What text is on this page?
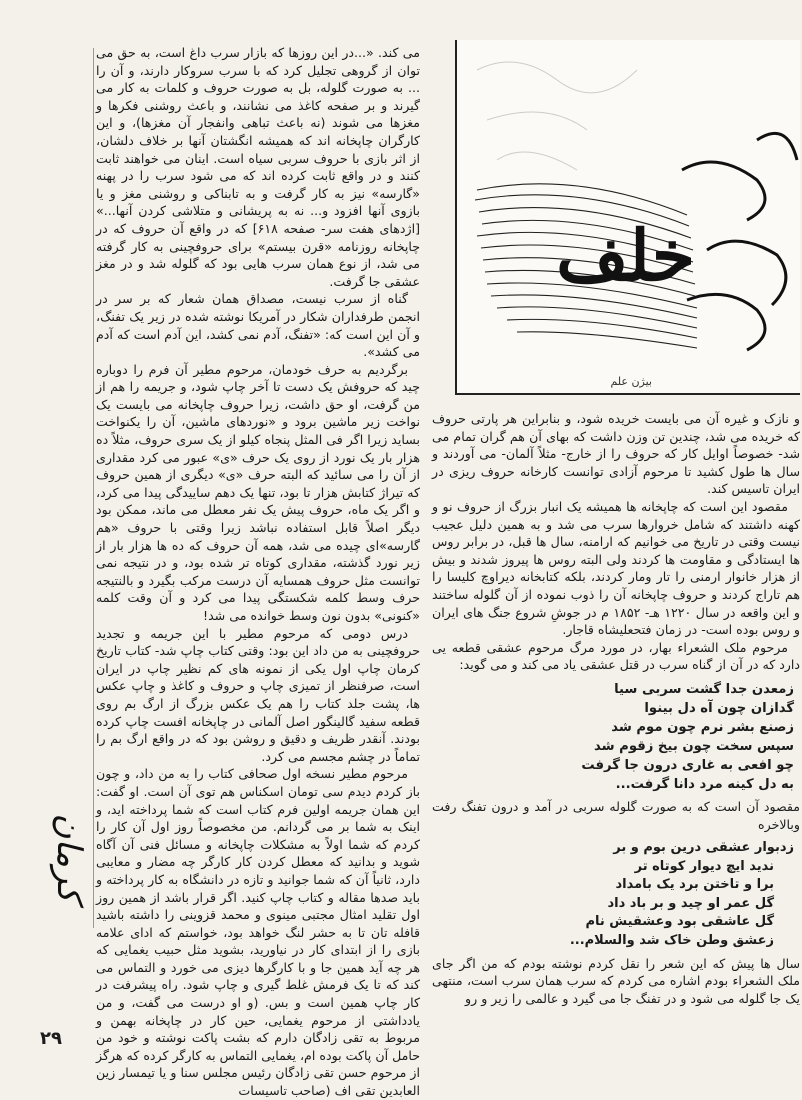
خلف
بیژن علم

می کند. «...در این روزها که بازار سرب داغ است، به حق می توان از گروهی تجلیل کرد که با سرب سروکار دارند، و آن را ... به صورت گلوله، بل به صورت حروف و کلمات به کار می گیرند و بر صفحه کاغذ می نشانند، و باعث روشنی فکرها و مغزها می شوند (نه باعث تباهی وانفجار آن مغزها)، و این کارگران چاپخانه اند که همیشه انگشتان آنها بر خلاف دلشان، از اثر بازی با حروف سربی سیاه است. اینان می خواهند ثابت کنند و در واقع ثابت کرده اند که می شود سرب را در پهنه «گارسه» نیز به کار گرفت و به تابناکی و روشنی مغز و یا بازوی آنها افزود و... نه به پریشانی و متلاشی کردن آنها...» [اژدهای هفت سر- صفحه ۶۱۸] که در واقع آن حروف که در چاپخانه روزنامه «قرن بیستم» برای حروفچینی به کار گرفته می شد، از نوع همان سرب هایی بود که گلوله شد و در مغز عشقی جا گرفت.

گناه از سرب نیست، مصداق همان شعار که بر سر در انجمن طرفداران شکار در آمریکا نوشته شده در زیر یک تفنگ، و آن این است که: «تفنگ، آدم نمی کشد، این آدم است که آدم می کشد».

برگردیم به حرف خودمان، مرحوم مطیر آن فرم را دوباره چید که حروفش یک دست تا آخر چاپ شود، و جریمه را هم از من گرفت، او حق داشت، زیرا حروف چاپخانه می بایست یک نواخت زیر ماشین برود و «نوردهای ماشین، آن را یکنواخت بساید زیرا اگر فی المثل پنجاه کیلو از یک سری حروف، مثلاً ده هزار بار یک نورد از روی یک حرف «ی» عبور می کرد مقداری از آن را می سائید که البته حرف «ی» دیگری از همین حروف که تیراژ کتابش هزار تا بود، تنها یک دهم ساییدگی پیدا می کرد، و اگر یک ماه، حروف پیش یک نفر معطل می ماند، ممکن بود دیگر اصلاً قابل استفاده نباشد زیرا وقتی با حروف «هم گارسه»ای چیده می شد، همه آن حروف که ده ها هزار بار از زیر نورد گذشته، مقداری کوتاه تر شده بود، و در نتیجه نمی توانست مثل حروف همسایه آن درست مرکب بگیرد و بالنتیجه حرف وسط کلمه شکستگی پیدا می کرد و آن وقت کلمه «کنونی» بدون نون وسط خوانده می شد!

درس دومی که مرحوم مطیر با این جریمه و تجدید حروفچینی به من داد این بود: وقتی کتاب چاپ شد- کتاب تاریخ کرمان چاپ اول یکی از نمونه های کم نظیر چاپ در ایران است، صرفنظر از تمیزی چاپ و حروف و کاغذ و چاپ عکس ها، پشت جلد کتاب را هم یک عکس بزرگ از ارگ بم روی قطعه سفید گالینگور اصل آلمانی در چاپخانه افست چاپ کرده بودند. آنقدر ظریف و دقیق و روشن بود که در واقع ارگ بم را تماماً در چشم مجسم می کرد.

مرحوم مطیر نسخه اول صحافی کتاب را به من داد، و چون باز کردم دیدم سی تومان اسکناس هم توی آن است. او گفت: این همان جریمه اولین فرم کتاب است که شما پرداخته اید، و اینک به شما بر می گردانم. من مخصوصاً روز اول آن کار را کردم که شما اولاً به مشکلات چاپخانه و مسائل فنی آن آگاه شوید و بدانید که معطل کردن کار کارگر چه مضار و معایبی دارد، ثانیاً آن که شما جوانید و تازه در دانشگاه به کار پرداخته و باید صدها مقاله و کتاب چاپ کنید. اگر قرار باشد از همین روز اول تقلید امثال مجتبی مینوی و محمد قزوینی را داشته باشید قافله تان تا به حشر لنگ خواهد بود، خواستم که ادای علامه بازی را از ابتدای کار در نیاورید، بشوید مثل حبیب یغمایی که هر چه آید همین جا و با کارگرها دیزی می خورد و التماس می کند که تا یک فرمش غلط گیری و چاپ شود. راه پیشرفت در کار چاپ همین است و بس. (و او درست می گفت، و من یادداشتی از مرحوم یغمایی، حین کار در چاپخانه بهمن و مربوط به تقی زادگان دارم که بشت پاکت نوشته و خود من حامل آن پاکت بوده ام، یغمایی التماس به کارگر کرده که هرگز از مرحوم حسن تقی زادگان رئیس مجلس سنا و یا تیمسار زین العابدین تقی اف (صاحب تاسیسات

و نازک و غیره آن می بایست خریده شود، و بنابراین هر پارتی حروف که خریده می شد، چندین تن وزن داشت که بهای آن هم گران تمام می شد- خصوصاً اوایل کار که حروف را از خارج- مثلاً آلمان- می آوردند و سال ها طول کشید تا مرحوم آزادی توانست کارخانه حروف ریزی در ایران تاسیس کند.

مقصود این است که چاپخانه ها همیشه یک انبار بزرگ از حروف نو و کهنه داشتند که شامل خروارها سرب می شد و به همین دلیل عجیب نیست وقتی در تاریخ می خوانیم که ارامنه، سال ها قبل، در برابر روس ها ایستادگی و مقاومت ها کردند ولی البته روس ها پیروز شدند و بیش از هزار خانوار ارمنی را تار ومار کردند، بلکه کتابخانه دیراوچ کلیسا را هم تاراج کردند و حروف چاپخانه آن را ذوب نموده از آن گلوله ساختند و این واقعه در سال ۱۲۲۰ هـ- ۱۸۵۲ م در جوشِ شروع جنگ های ایران و روس بوده است- در زمان فتحعلیشاه قاجار.

مرحوم ملک الشعراء بهار، در مورد مرگ مرحوم عشقی قطعه یی دارد که در آن از گناه سرب در قتل عشقی یاد می کند و می گوید:

زمعدن جدا گشت سربی سیا
گدازان چون آه دل بینوا
زصنع بشر نرم چون موم شد
سپس سخت چون بیخ زقوم شد
چو افعی به غاری درون جا گرفت
به دل کینه مرد دانا گرفت...

مقصود آن است که به صورت گلوله سربی در آمد و درون تفنگ رفت وبالاخره

زدبوار عشقی درین بوم و بر
ندید ایچ دیوار کوتاه تر
برا و تاختن برد یک بامداد
گل عمر او چید و بر باد داد
گل عاشقی بود وعشقیش نام
زعشق وطن خاک شد والسلام...

سال ها پیش که این شعر را نقل کردم نوشته بودم که من اگر جای ملک الشعراء بودم اشاره می کردم که سرب همان سرب است، منتهی یک جا گلوله می شود و در تفنگ جا می گیرد و عالمی را زیر و رو

کرمان
۲۹
